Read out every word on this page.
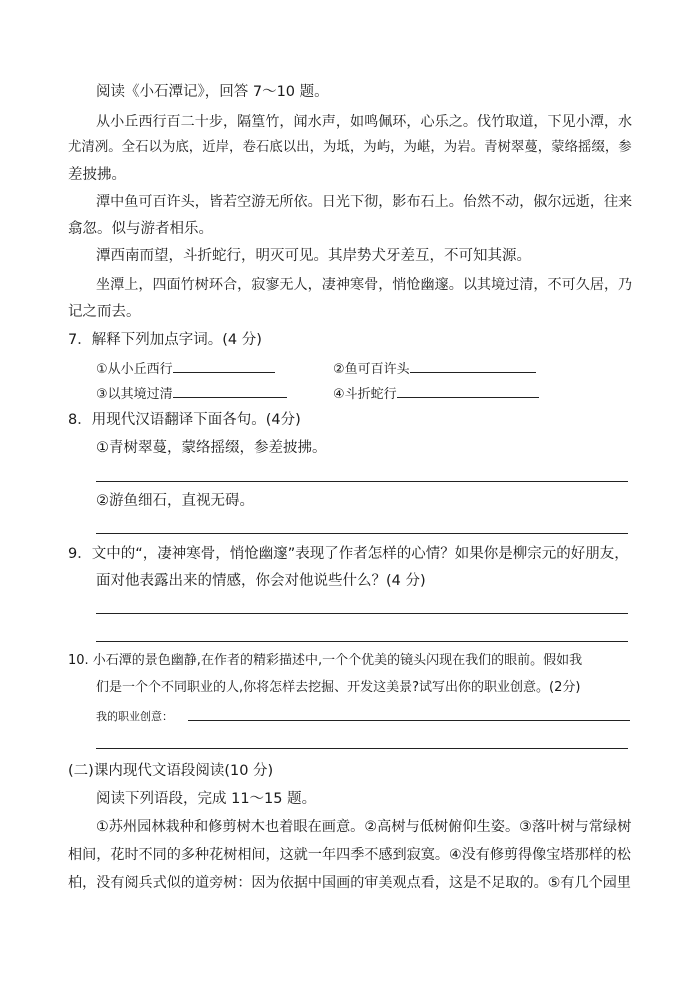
阅读《小石潭记》，回答 7～10 题。
从小丘西行百二十步，隔篁竹，闻水声，如鸣佩环，心乐之。伐竹取道，下见小潭，水
尤清冽。全石以为底，近岸，卷石底以出，为坻，为屿，为嵁，为岩。青树翠蔓，蒙络摇缀，参
差披拂。
潭中鱼可百许头，皆若空游无所依。日光下彻，影布石上。佁然不动，俶尔远逝，往来
翕忽。似与游者相乐。
潭西南而望，斗折蛇行，明灭可见。其岸势犬牙差互，不可知其源。
坐潭上，四面竹树环合，寂寥无人，凄神寒骨，悄怆幽邃。以其境过清，不可久居，乃
记之而去。
7．解释下列加点字词。(4 分)
①从小丘西行	②鱼可百许头
③以其境过清	④斗折蛇行
8．用现代汉语翻译下面各句。(4分)
①青树翠蔓，蒙络摇缀，参差披拂。
②游鱼细石，直视无碍。
9．文中的“，凄神寒骨，悄怆幽邃”表现了作者怎样的心情？如果你是柳宗元的好朋友，
面对他表露出来的情感，你会对他说些什么？(4 分)
10. 小石潭的景色幽静,在作者的精彩描述中,一个个优美的镜头闪现在我们的眼前。假如我
们是一个个不同职业的人,你将怎样去挖掘、开发这美景?试写出你的职业创意。(2分)
我的职业创意：
(二)课内现代文语段阅读(10 分)
阅读下列语段，完成 11～15 题。
①苏州园林栽种和修剪树木也着眼在画意。②高树与低树俯仰生姿。③落叶树与常绿树
相间，花时不同的多种花树相间，这就一年四季不感到寂寞。④没有修剪得像宝塔那样的松
柏，没有阅兵式似的道旁树：因为依据中国画的审美观点看，这是不足取的。⑤有几个园里
